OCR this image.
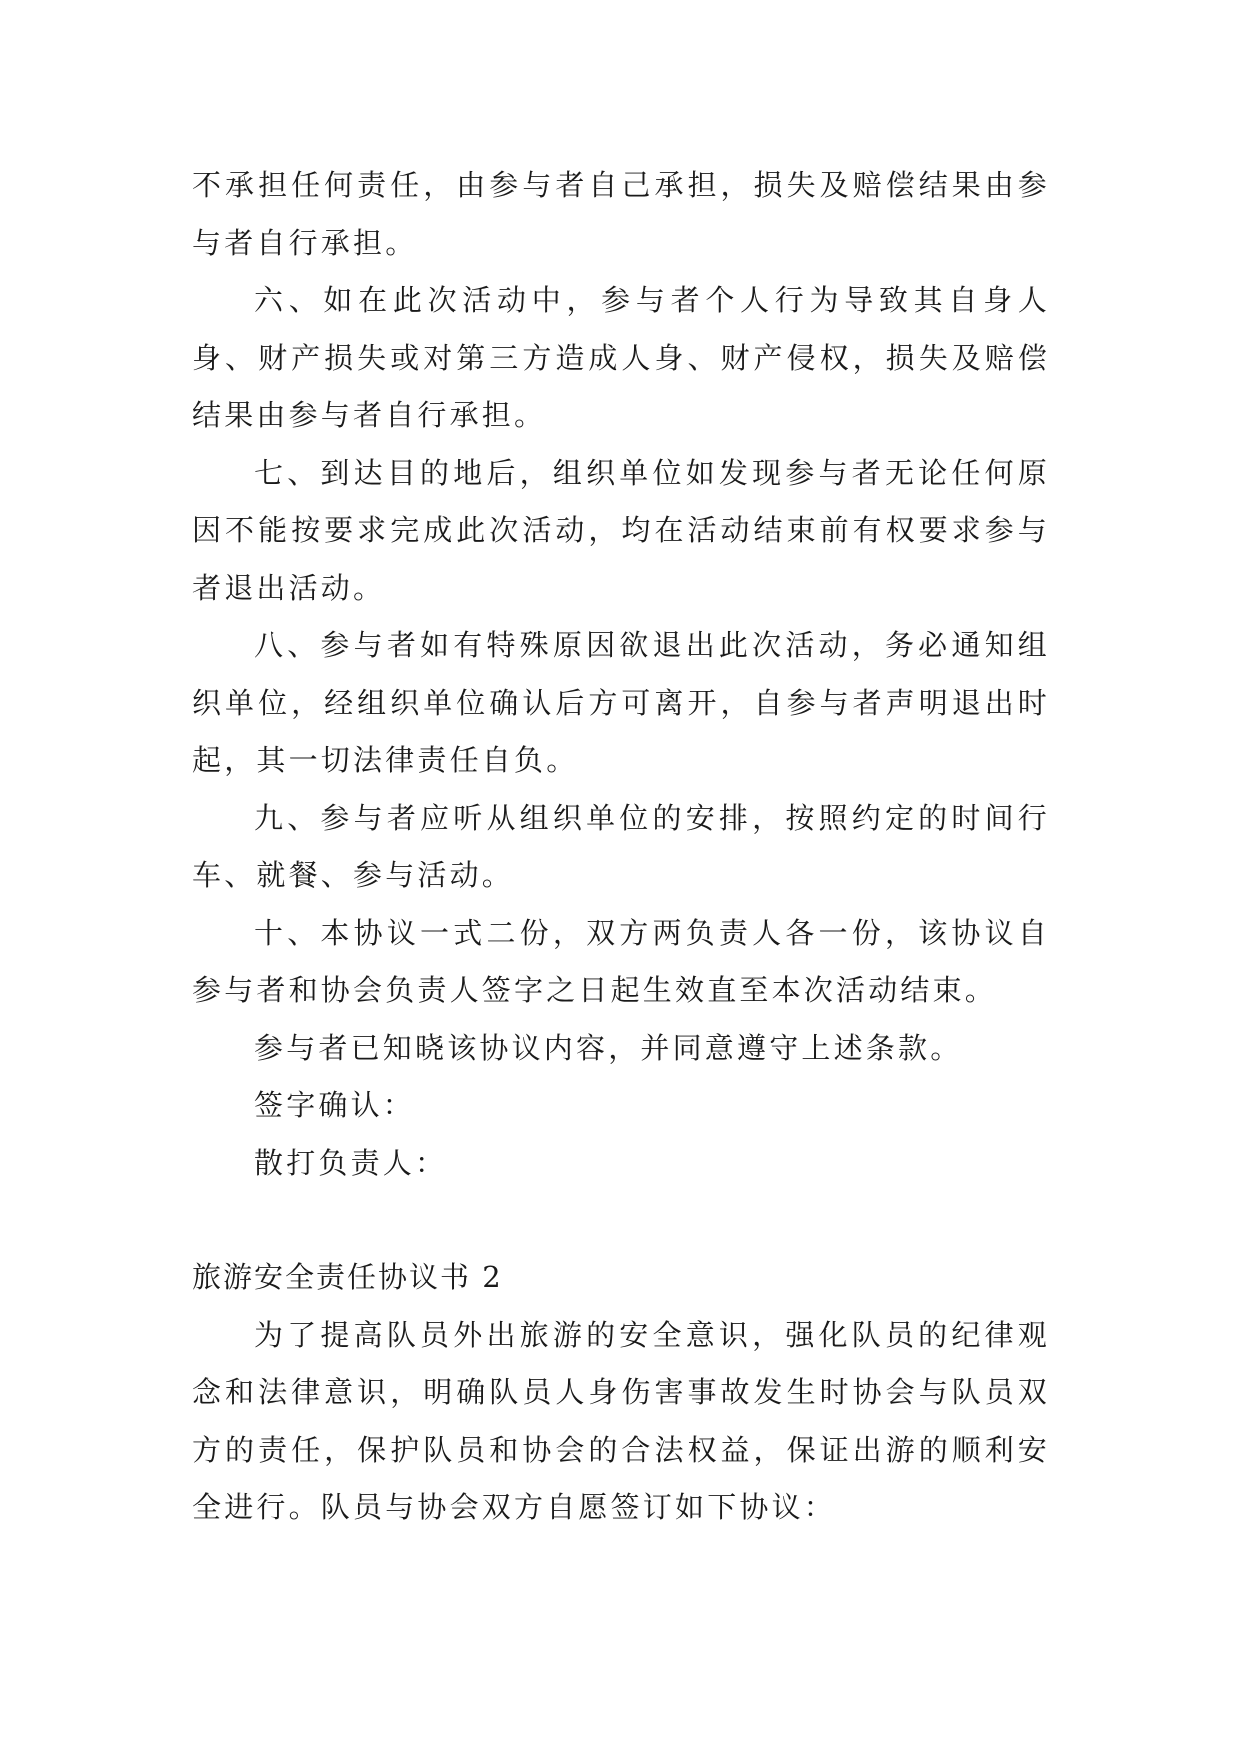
不承担任何责任，由参与者自己承担，损失及赔偿结果由参与者自行承担。

六、如在此次活动中，参与者个人行为导致其自身人身、财产损失或对第三方造成人身、财产侵权，损失及赔偿结果由参与者自行承担。

七、到达目的地后，组织单位如发现参与者无论任何原因不能按要求完成此次活动，均在活动结束前有权要求参与者退出活动。

八、参与者如有特殊原因欲退出此次活动，务必通知组织单位，经组织单位确认后方可离开，自参与者声明退出时起，其一切法律责任自负。

九、参与者应听从组织单位的安排，按照约定的时间行车、就餐、参与活动。

十、本协议一式二份，双方两负责人各一份，该协议自参与者和协会负责人签字之日起生效直至本次活动结束。

参与者已知晓该协议内容，并同意遵守上述条款。

签字确认：

散打负责人：

旅游安全责任协议书 2

为了提高队员外出旅游的安全意识，强化队员的纪律观念和法律意识，明确队员人身伤害事故发生时协会与队员双方的责任，保护队员和协会的合法权益，保证出游的顺利安全进行。队员与协会双方自愿签订如下协议：
